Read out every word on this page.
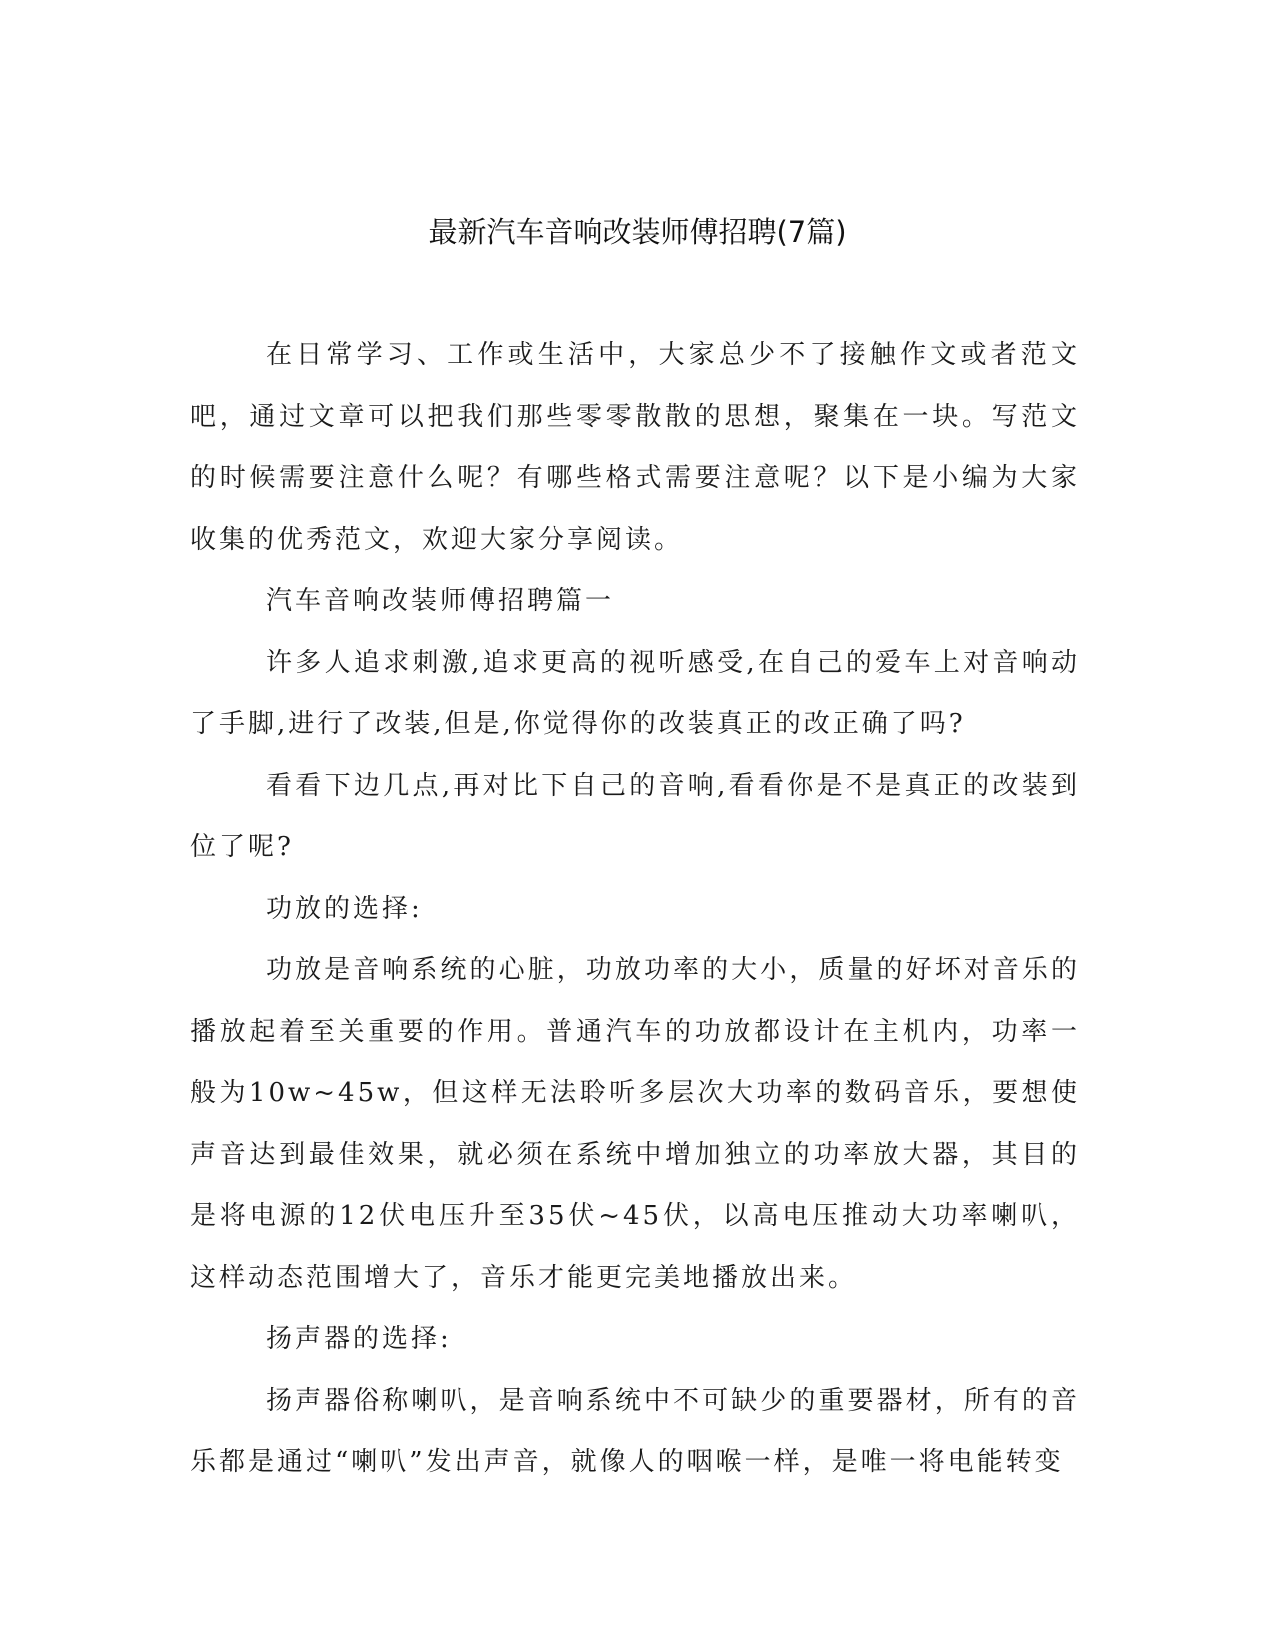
最新汽车音响改装师傅招聘(7篇)

在日常学习、工作或生活中，大家总少不了接触作文或者范文吧，通过文章可以把我们那些零零散散的思想，聚集在一块。写范文的时候需要注意什么呢？有哪些格式需要注意呢？以下是小编为大家收集的优秀范文，欢迎大家分享阅读。

汽车音响改装师傅招聘篇一

许多人追求刺激,追求更高的视听感受,在自己的爱车上对音响动了手脚,进行了改装,但是,你觉得你的改装真正的改正确了吗?

看看下边几点,再对比下自己的音响,看看你是不是真正的改装到位了呢?

功放的选择:

功放是音响系统的心脏，功放功率的大小，质量的好坏对音乐的播放起着至关重要的作用。普通汽车的功放都设计在主机内，功率一般为10w~45w，但这样无法聆听多层次大功率的数码音乐，要想使声音达到最佳效果，就必须在系统中增加独立的功率放大器，其目的是将电源的12伏电压升至35伏~45伏，以高电压推动大功率喇叭，这样动态范围增大了，音乐才能更完美地播放出来。

扬声器的选择:

扬声器俗称喇叭，是音响系统中不可缺少的重要器材，所有的音乐都是通过“喇叭”发出声音，就像人的咽喉一样，是唯一将电能转变
